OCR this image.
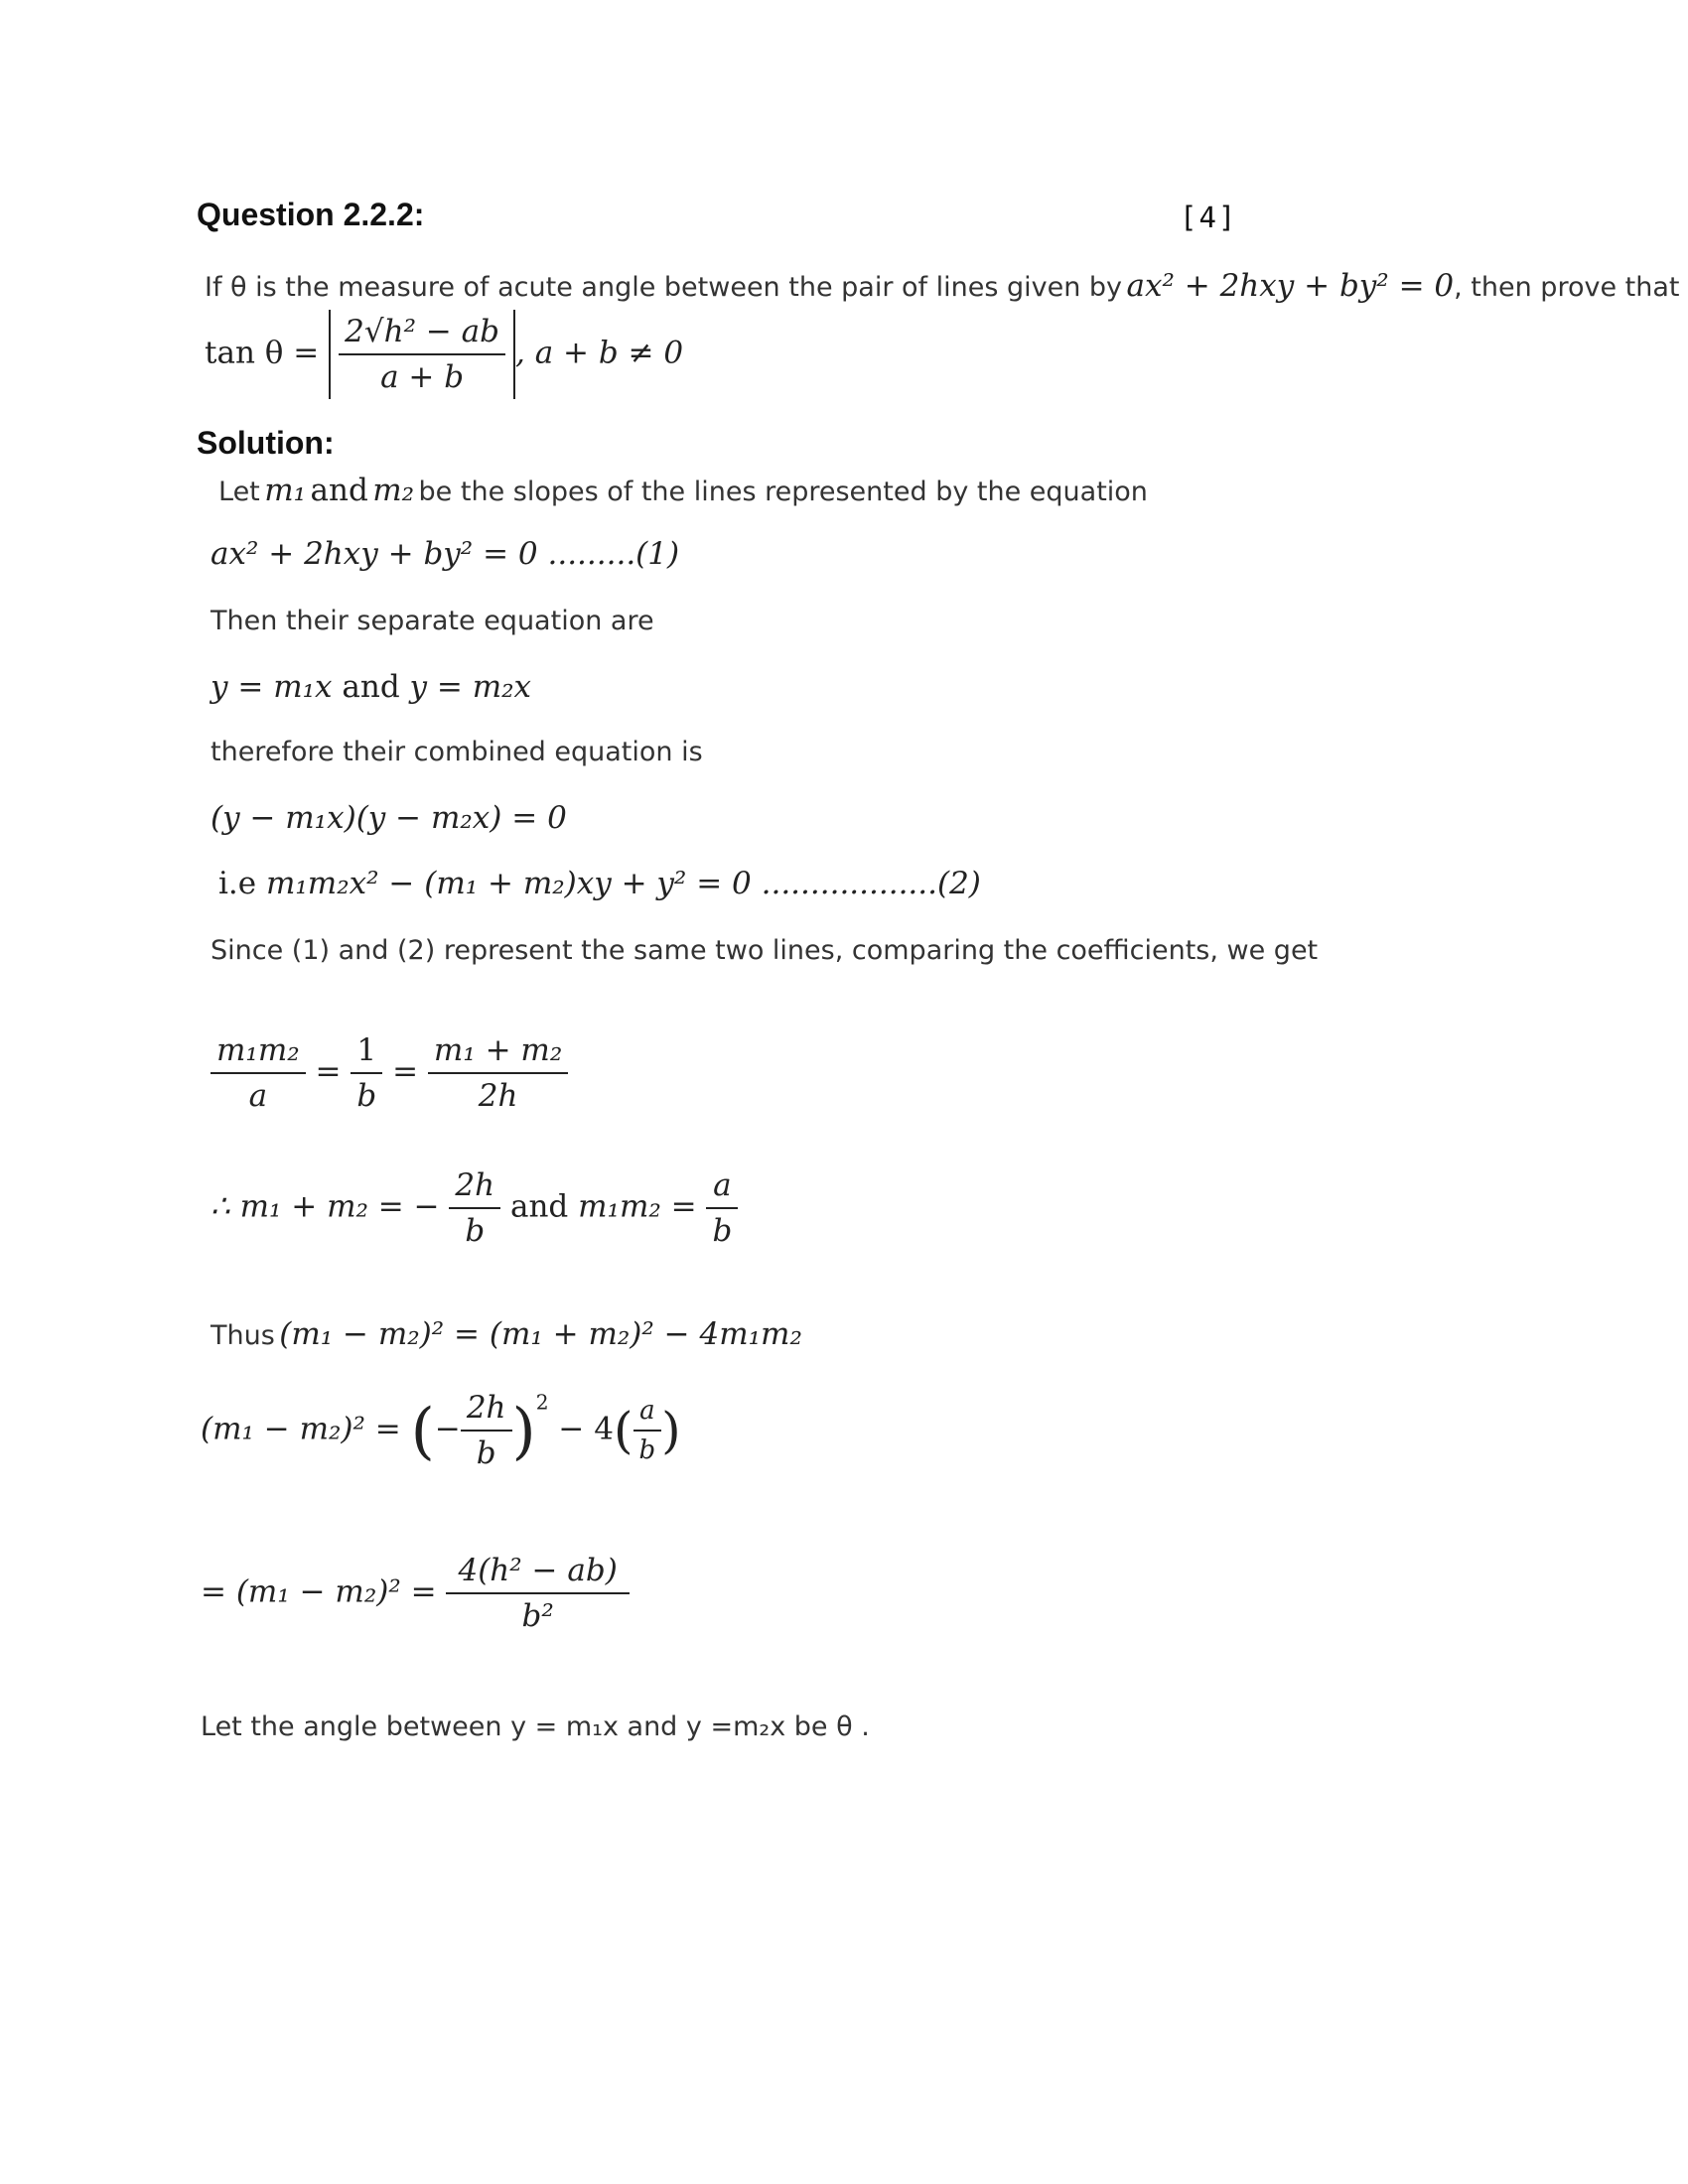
Question 2.2.2:	[4]
If θ is the measure of acute angle between the pair of lines given by ax² + 2hxy + by² = 0, then prove that
$\tan \theta = \frac{\text{2√h² − ab}}{a + b}$ , a + b ≠ 0
Solution:
Let m₁ and m₂ be the slopes of the lines represented by the equation
ax² + 2hxy + by² = 0 .........(1)
Then their separate equation are
y = m₁x and y = m₂x
therefore their combined equation is
(y − m₁x)(y − m₂x) = 0
i.e m₁m₂x² − (m₁ + m₂)xy + y² = 0 ..................(2)
Since (1) and (2) represent the same two lines, comparing the coefficients, we get
$\frac{\text{m₁m₂}}{a} = \frac{1}{b} = \frac{\text{m₁ + m₂}}{2h}$
∴ m₁ + m₂ = − $\frac{2h}{b}$ and $m_1m_2 = \frac{a}{b}$
Thus (m₁ − m₂)² = (m₁ + m₂)² − 4m₁m₂
(m₁ − m₂)² = (− $\frac{2h}{b} )^2 - 4( \frac{a}{b}$ )
= $(m_1 - m_2)^2 = \frac{\text{4(h² − ab)}}{\text{b²}}$
Let the angle between y = m₁x and y =m₂x be θ .
